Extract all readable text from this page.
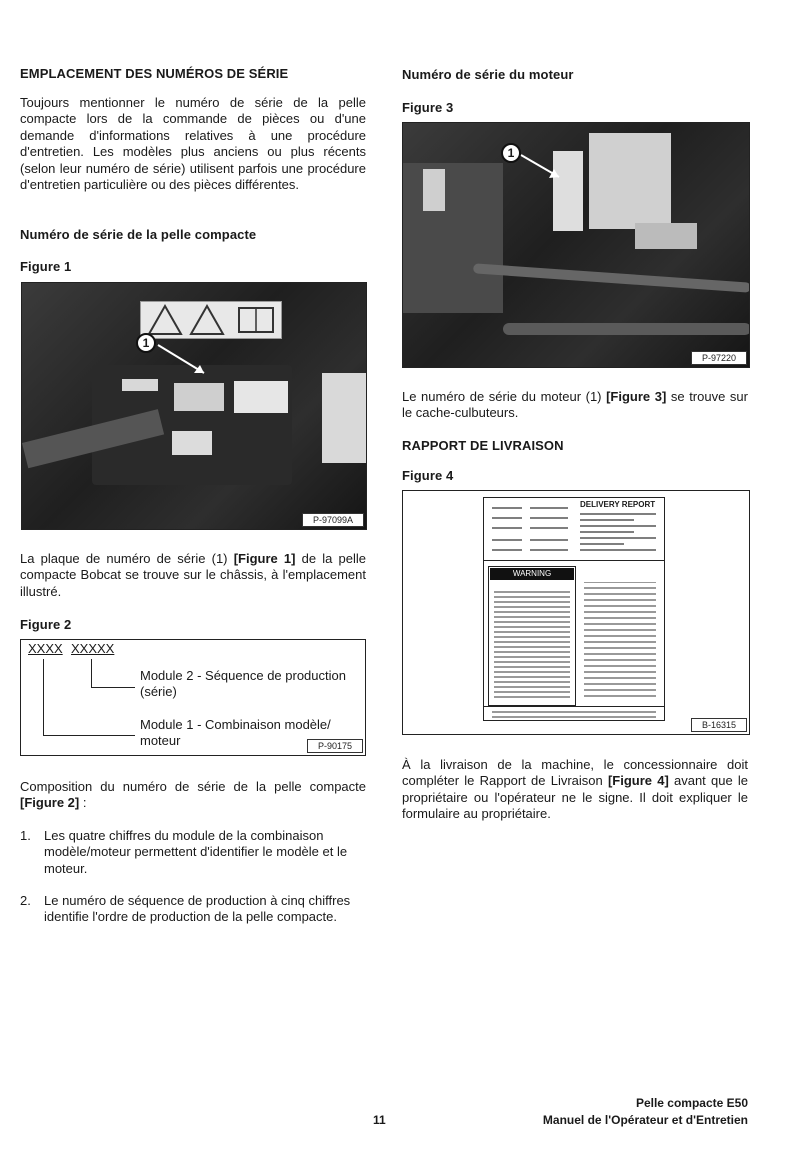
EMPLACEMENT DES NUMÉROS DE SÉRIE

Toujours mentionner le numéro de série de la pelle compacte lors de la commande de pièces ou d'une demande d'informations relatives à une procédure d'entretien. Les modèles plus anciens ou plus récents (selon leur numéro de série) utilisent parfois une procédure d'entretien particulière ou des pièces différentes.

Numéro de série de la pelle compacte
Figure 1
1
P-97099A

La plaque de numéro de série (1) [Figure 1] de la pelle compacte Bobcat se trouve sur le châssis, à l'emplacement illustré.

Figure 2
XXXX XXXXX
Module 2 - Séquence de production (série)
Module 1 - Combinaison modèle/ moteur	P-90175

Composition du numéro de série de la pelle compacte [Figure 2] :

1. Les quatre chiffres du module de la combinaison modèle/moteur permettent d'identifier le modèle et le moteur.
2. Le numéro de séquence de production à cinq chiffres identifie l'ordre de production de la pelle compacte.
Numéro de série du moteur
Figure 3
1
P-97220

Le numéro de série du moteur (1) [Figure 3] se trouve sur le cache-culbuteurs.

RAPPORT DE LIVRAISON
Figure 4
DELIVERY REPORT
WARNING
B-16315

À la livraison de la machine, le concessionnaire doit compléter le Rapport de Livraison [Figure 4] avant que le propriétaire ou l'opérateur ne le signe. Il doit expliquer le formulaire au propriétaire.

11
Pelle compacte E50
Manuel de l'Opérateur et d'Entretien
